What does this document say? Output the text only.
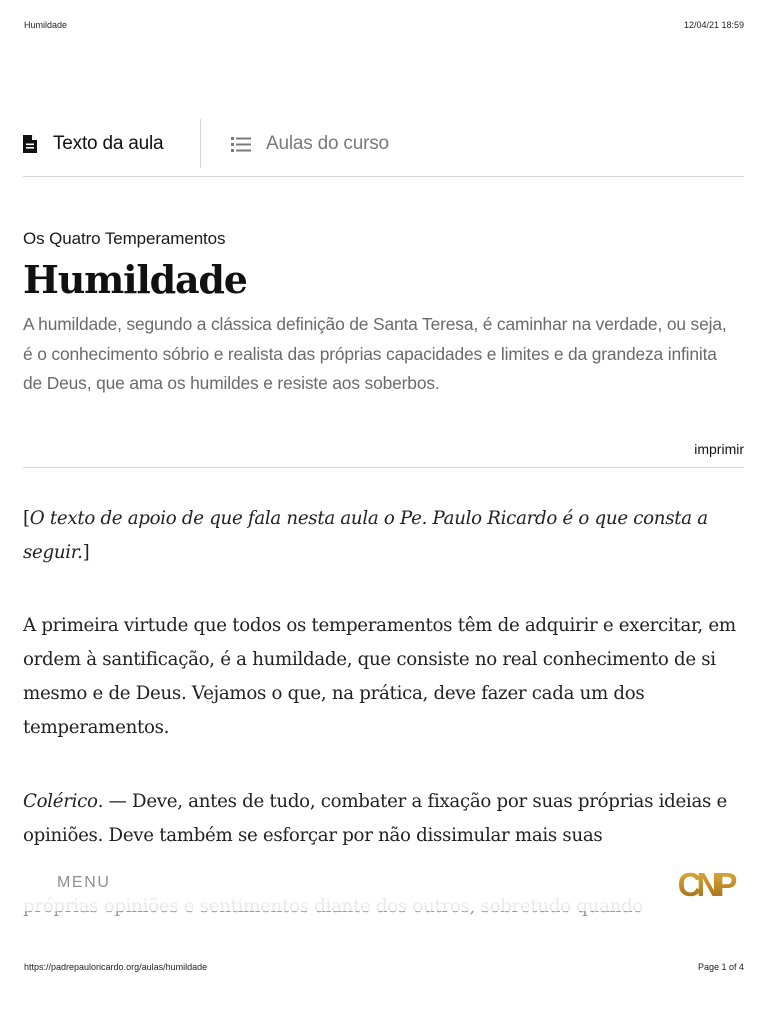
Humildade	12/04/21 18:59
Texto da aula	Aulas do curso
Os Quatro Temperamentos
Humildade

A humildade, segundo a clássica definição de Santa Teresa, é caminhar na verdade, ou seja, é o conhecimento sóbrio e realista das próprias capacidades e limites e da grandeza infinita de Deus, que ama os humildes e resiste aos soberbos.

imprimir

[O texto de apoio de que fala nesta aula o Pe. Paulo Ricardo é o que consta a seguir.]

A primeira virtude que todos os temperamentos têm de adquirir e exercitar, em ordem à santificação, é a humildade, que consiste no real conhecimento de si mesmo e de Deus. Vejamos o que, na prática, deve fazer cada um dos temperamentos.

Colérico. — Deve, antes de tudo, combater a fixação por suas próprias ideias e opiniões. Deve também se esforçar por não dissimular mais suas

MENU	CNP
https://padrepauloricardo.org/aulas/humildade	Page 1 of 4
